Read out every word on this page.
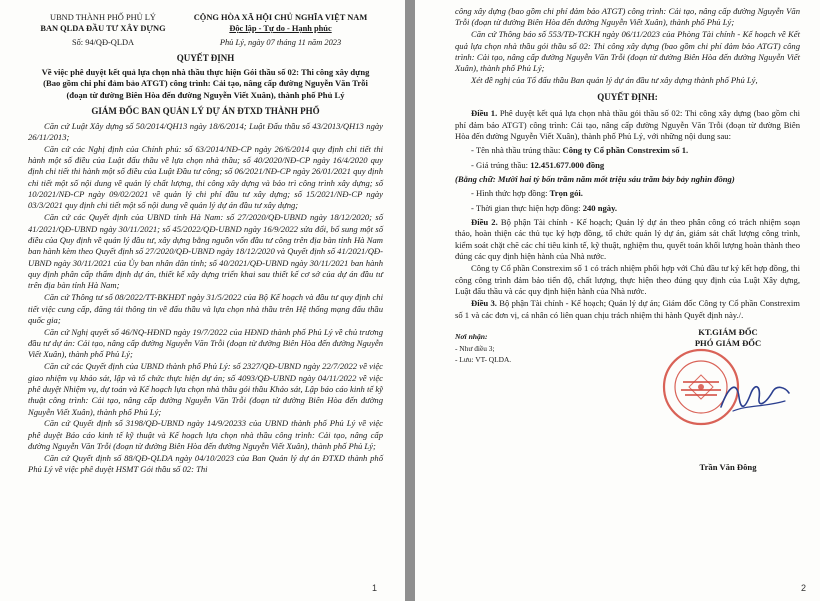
UBND THÀNH PHỐ PHỦ LÝ
BAN QLDA ĐẦU TƯ XÂY DỰNG
Số: 94/QĐ-QLDA
CỘNG HÒA XÃ HỘI CHỦ NGHĨA VIỆT NAM
Độc lập - Tự do - Hạnh phúc
Phủ Lý, ngày 07 tháng 11 năm 2023
QUYẾT ĐỊNH
Về việc phê duyệt kết quả lựa chọn nhà thầu thực hiện Gói thầu số 02: Thi công xây dựng (Bao gồm chi phí đảm bảo ATGT) công trình: Cải tạo, nâng cấp đường Nguyễn Văn Trỗi (đoạn từ đường Biên Hòa đến đường Nguyễn Viết Xuân), thành phố Phủ Lý
GIÁM ĐỐC BAN QUẢN LÝ DỰ ÁN ĐTXD THÀNH PHỐ

Căn cứ Luật Xây dựng số 50/2014/QH13 ngày 18/6/2014; Luật Đấu thầu số 43/2013/QH13 ngày 26/11/2013;

Căn cứ các Nghị định của Chính phủ: số 63/2014/NĐ-CP ngày 26/6/2014 quy định chi tiết thi hành một số điều của Luật đấu thầu về lựa chọn nhà thầu; số 40/2020/NĐ-CP ngày 16/4/2020 quy định chi tiết thi hành một số điều của Luật Đầu tư công; số 06/2021/NĐ-CP ngày 26/01/2021 quy định chi tiết một số nội dung về quản lý chất lượng, thi công xây dựng và bảo trì công trình xây dựng; số 10/2021/NĐ-CP ngày 09/02/2021 về quản lý chi phí đầu tư xây dựng; số 15/2021/NĐ-CP ngày 03/3/2021 quy định chi tiết một số nội dung về quản lý dự án đầu tư xây dựng;

Căn cứ các Quyết định của UBND tỉnh Hà Nam: số 27/2020/QĐ-UBND ngày 18/12/2020; số 41/2021/QĐ-UBND ngày 30/11/2021; số 45/2022/QĐ-UBND ngày 16/9/2022 sửa đổi, bổ sung một số điều của Quy định về quản lý đầu tư, xây dựng bằng nguồn vốn đầu tư công trên địa bàn tỉnh Hà Nam ban hành kèm theo Quyết định số 27/2020/QĐ-UBND ngày 18/12/2020 và Quyết định số 41/2021/QĐ-UBND ngày 30/11/2021 của Ủy ban nhân dân tỉnh; số 40/2021/QĐ-UBND ngày 30/11/2021 ban hành quy định phân cấp thẩm định dự án, thiết kế xây dựng triển khai sau thiết kế cơ sở của dự án đầu tư trên địa bàn tỉnh Hà Nam;

Căn cứ Thông tư số 08/2022/TT-BKHĐT ngày 31/5/2022 của Bộ Kế hoạch và đầu tư quy định chi tiết việc cung cấp, đăng tải thông tin về đấu thầu và lựa chọn nhà thầu trên Hệ thống mạng đấu thầu quốc gia;

Căn cứ Nghị quyết số 46/NQ-HĐND ngày 19/7/2022 của HĐND thành phố Phủ Lý về chủ trương đầu tư dự án: Cải tạo, nâng cấp đường Nguyễn Văn Trỗi (đoạn từ đường Biên Hòa đến đường Nguyễn Viết Xuân), thành phố Phủ Lý;

Căn cứ các Quyết định của UBND thành phố Phủ Lý: số 2327/QĐ-UBND ngày 22/7/2022 về việc giao nhiệm vụ khảo sát, lập và tổ chức thực hiện dự án; số 4093/QĐ-UBND ngày 04/11/2022 về việc phê duyệt Nhiệm vụ, dự toán và Kế hoạch lựa chọn nhà thầu gói thầu Khảo sát, Lập báo cáo kinh tế kỹ thuật công trình: Cải tạo, nâng cấp đường Nguyễn Văn Trỗi (đoạn từ đường Biên Hòa đến đường Nguyễn Viết Xuân), thành phố Phủ Lý;

Căn cứ Quyết định số 3198/QĐ-UBND ngày 14/9/20233 của UBND thành phố Phủ Lý về việc phê duyệt Báo cáo kinh tế kỹ thuật và Kế hoạch lựa chọn nhà thầu công trình: Cải tạo, nâng cấp đường Nguyễn Văn Trỗi (đoạn từ đường Biên Hòa đến đường Nguyễn Viết Xuân), thành phố Phủ Lý;

Căn cứ Quyết định số 88/QĐ-QLDA ngày 04/10/2023 của Ban Quản lý dự án ĐTXD thành phố Phủ Lý về việc phê duyệt HSMT Gói thầu số 02: Thi

1

công xây dựng (bao gồm chi phí đảm bảo ATGT) công trình: Cải tạo, nâng cấp đường Nguyễn Văn Trỗi (đoạn từ đường Biên Hòa đến đường Nguyễn Viết Xuân), thành phố Phủ Lý;

Căn cứ Thông báo số 553/TĐ-TCKH ngày 06/11/2023 của Phòng Tài chính - Kế hoạch về Kết quả lựa chọn nhà thầu gói thầu số 02: Thi công xây dựng (bao gồm chi phí đảm bảo ATGT) công trình: Cải tạo, nâng cấp đường Nguyễn Văn Trỗi (đoạn từ đường Biên Hòa đến đường Nguyễn Viết Xuân), thành phố Phủ Lý;

Xét đề nghị của Tổ đấu thầu Ban quản lý dự án đầu tư xây dựng thành phố Phủ Lý,

QUYẾT ĐỊNH:

Điều 1. Phê duyệt kết quả lựa chọn nhà thầu gói thầu số 02: Thi công xây dựng (bao gồm chi phí đảm bảo ATGT) công trình: Cải tạo, nâng cấp đường Nguyễn Văn Trỗi (đoạn từ đường Biên Hòa đến đường Nguyễn Viết Xuân), thành phố Phủ Lý, với những nội dung sau:

- Tên nhà thầu trúng thầu: Công ty Cổ phần Constrexim số 1.

- Giá trúng thầu: 12.451.677.000 đồng

(Bằng chữ: Mười hai tỷ bốn trăm năm mốt triệu sáu trăm bảy bảy nghìn đồng)

- Hình thức hợp đồng: Trọn gói.

- Thời gian thực hiện hợp đồng: 240 ngày.

Điều 2. Bộ phận Tài chính - Kế hoạch; Quản lý dự án theo phân công có trách nhiệm soạn thảo, hoàn thiện các thủ tục ký hợp đồng, tổ chức quản lý dự án, giám sát chất lượng công trình, kiểm soát chặt chẽ các chỉ tiêu kinh tế, kỹ thuật, nghiệm thu, quyết toán khối lượng hoàn thành theo đúng các quy định hiện hành của Nhà nước.

Công ty Cổ phần Constrexim số 1 có trách nhiệm phối hợp với Chủ đầu tư ký kết hợp đồng, thi công công trình đảm bảo tiến độ, chất lượng, thực hiện theo đúng quy định của Luật Xây dựng, Luật đấu thầu và các quy định hiện hành của Nhà nước.

Điều 3. Bộ phận Tài chính - Kế hoạch; Quản lý dự án; Giám đốc Công ty Cổ phần Constrexim số 1 và các đơn vị, cá nhân có liên quan chịu trách nhiệm thi hành Quyết định này./.

Nơi nhận:
- Như điều 3;
- Lưu: VT- QLDA.
KT.GIÁM ĐỐC
PHÓ GIÁM ĐỐC
Trần Văn Đông
2
